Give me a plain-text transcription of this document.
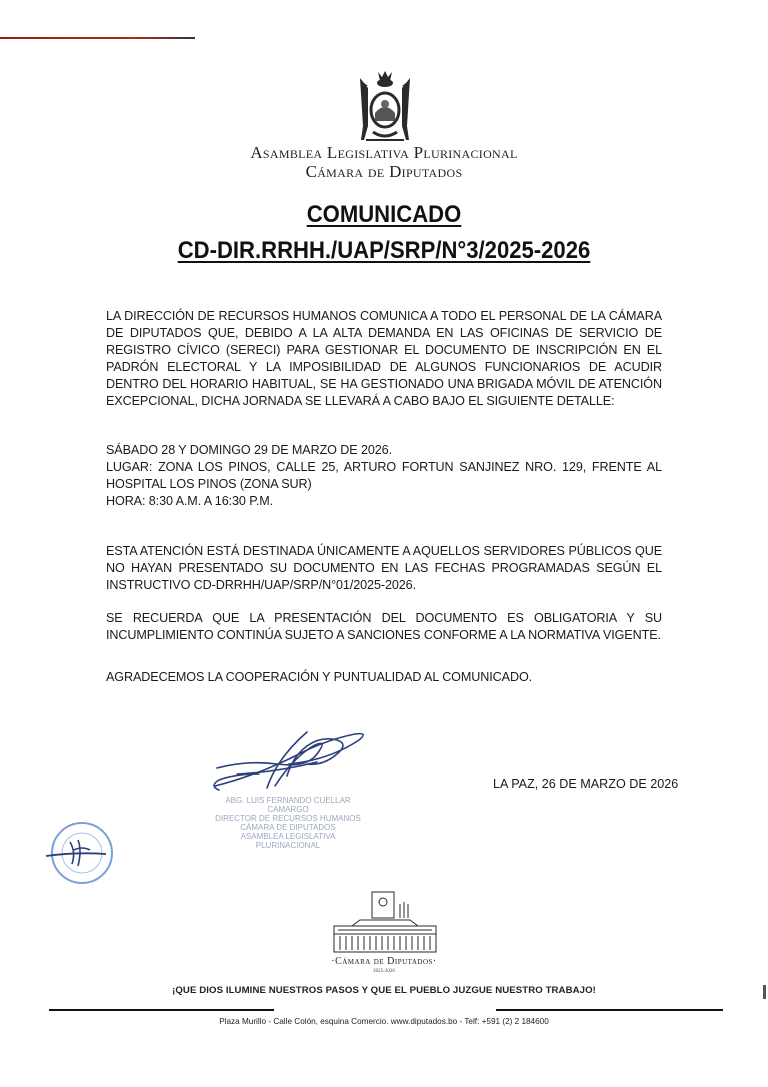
Asamblea Legislativa Plurinacional
Cámara de Diputados
COMUNICADO
CD-DIR.RRHH./UAP/SRP/N°3/2025-2026

LA DIRECCIÓN DE RECURSOS HUMANOS COMUNICA A TODO EL PERSONAL DE LA CÁMARA DE DIPUTADOS QUE, DEBIDO A LA ALTA DEMANDA EN LAS OFICINAS DE SERVICIO DE REGISTRO CÍVICO (SERECI) PARA GESTIONAR EL DOCUMENTO DE INSCRIPCIÓN EN EL PADRÓN ELECTORAL Y LA IMPOSIBILIDAD DE ALGUNOS FUNCIONARIOS DE ACUDIR DENTRO DEL HORARIO HABITUAL, SE HA GESTIONADO UNA BRIGADA MÓVIL DE ATENCIÓN EXCEPCIONAL, DICHA JORNADA SE LLEVARÁ A CABO BAJO EL SIGUIENTE DETALLE:

SÁBADO 28 Y DOMINGO 29 DE MARZO DE 2026.

LUGAR: ZONA LOS PINOS, CALLE 25, ARTURO FORTUN SANJINEZ NRO. 129, FRENTE AL HOSPITAL LOS PINOS (ZONA SUR)

HORA: 8:30 A.M. A 16:30 P.M.

ESTA ATENCIÓN ESTÁ DESTINADA ÚNICAMENTE A AQUELLOS SERVIDORES PÚBLICOS QUE NO HAYAN PRESENTADO SU DOCUMENTO EN LAS FECHAS PROGRAMADAS SEGÚN EL INSTRUCTIVO CD-DRRHH/UAP/SRP/N°01/2025-2026.

SE RECUERDA QUE LA PRESENTACIÓN DEL DOCUMENTO ES OBLIGATORIA Y SU INCUMPLIMIENTO CONTINÚA SUJETO A SANCIONES CONFORME A LA NORMATIVA VIGENTE.

AGRADECEMOS LA COOPERACIÓN Y PUNTUALIDAD AL COMUNICADO.

ABG. LUIS FERNANDO CUELLAR CAMARGO
DIRECTOR DE RECURSOS HUMANOS
CÁMARA DE DIPUTADOS
ASAMBLEA LEGISLATIVA PLURINACIONAL
LA PAZ, 26 DE MARZO DE 2026
·Cámara de Diputados·
2025-2026
¡QUE DIOS ILUMINE NUESTROS PASOS Y QUE EL PUEBLO JUZGUE NUESTRO TRABAJO!
Plaza Murillo - Calle Colón, esquina Comercio. www.diputados.bo - Telf: +591 (2) 2 184600
